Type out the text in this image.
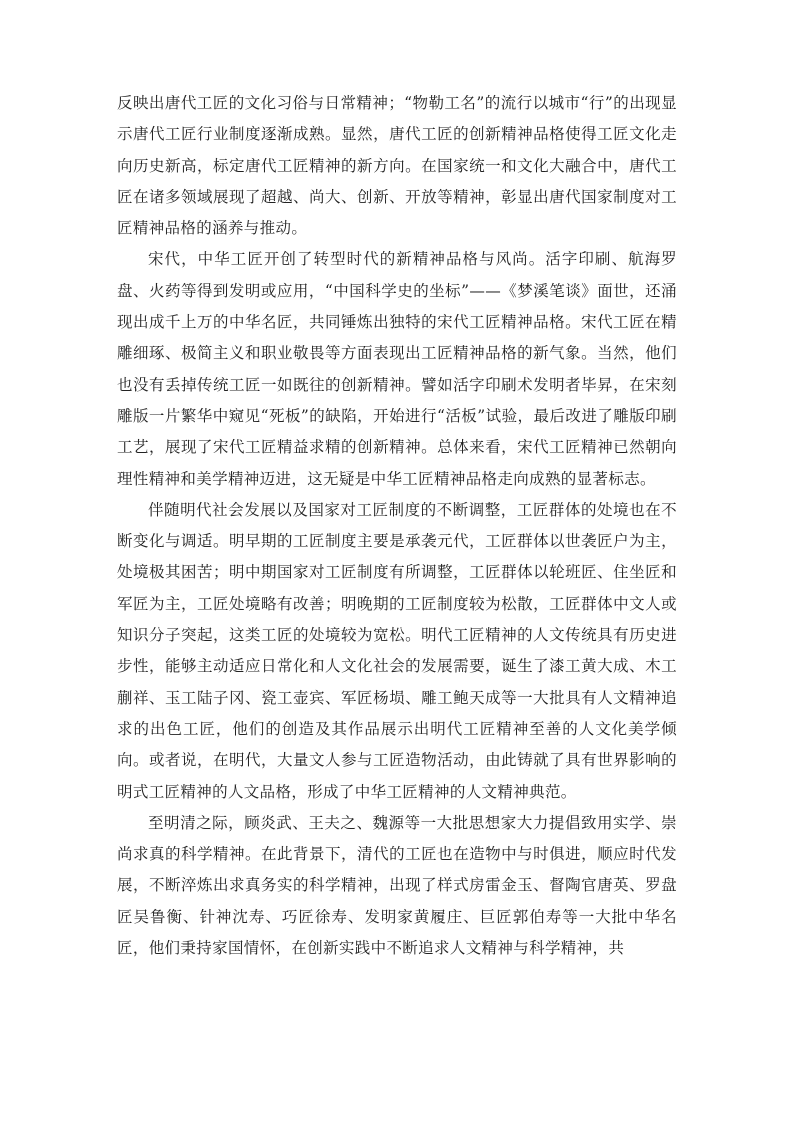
反映出唐代工匠的文化习俗与日常精神；“物勒工名”的流行以城市“行”的出现显示唐代工匠行业制度逐渐成熟。显然，唐代工匠的创新精神品格使得工匠文化走向历史新高，标定唐代工匠精神的新方向。在国家统一和文化大融合中，唐代工匠在诸多领域展现了超越、尚大、创新、开放等精神，彰显出唐代国家制度对工匠精神品格的涵养与推动。

宋代，中华工匠开创了转型时代的新精神品格与风尚。活字印刷、航海罗盘、火药等得到发明或应用，“中国科学史的坐标”——《梦溪笔谈》面世，还涌现出成千上万的中华名匠，共同锤炼出独特的宋代工匠精神品格。宋代工匠在精雕细琢、极简主义和职业敬畏等方面表现出工匠精神品格的新气象。当然，他们也没有丢掉传统工匠一如既往的创新精神。譬如活字印刷术发明者毕昇，在宋刻雕版一片繁华中窥见“死板”的缺陷，开始进行“活板”试验，最后改进了雕版印刷工艺，展现了宋代工匠精益求精的创新精神。总体来看，宋代工匠精神已然朝向理性精神和美学精神迈进，这无疑是中华工匠精神品格走向成熟的显著标志。

伴随明代社会发展以及国家对工匠制度的不断调整，工匠群体的处境也在不断变化与调适。明早期的工匠制度主要是承袭元代，工匠群体以世袭匠户为主，处境极其困苦；明中期国家对工匠制度有所调整，工匠群体以轮班匠、住坐匠和军匠为主，工匠处境略有改善；明晚期的工匠制度较为松散，工匠群体中文人或知识分子突起，这类工匠的处境较为宽松。明代工匠精神的人文传统具有历史进步性，能够主动适应日常化和人文化社会的发展需要，诞生了漆工黄大成、木工蒯祥、玉工陆子冈、瓷工壶宾、军匠杨埙、雕工鲍天成等一大批具有人文精神追求的出色工匠，他们的创造及其作品展示出明代工匠精神至善的人文化美学倾向。或者说，在明代，大量文人参与工匠造物活动，由此铸就了具有世界影响的明式工匠精神的人文品格，形成了中华工匠精神的人文精神典范。

至明清之际，顾炎武、王夫之、魏源等一大批思想家大力提倡致用实学、崇尚求真的科学精神。在此背景下，清代的工匠也在造物中与时俱进，顺应时代发展，不断淬炼出求真务实的科学精神，出现了样式房雷金玉、督陶官唐英、罗盘匠吴鲁衡、针神沈寿、巧匠徐寿、发明家黄履庄、巨匠郭伯寿等一大批中华名匠，他们秉持家国情怀，在创新实践中不断追求人文精神与科学精神，共
